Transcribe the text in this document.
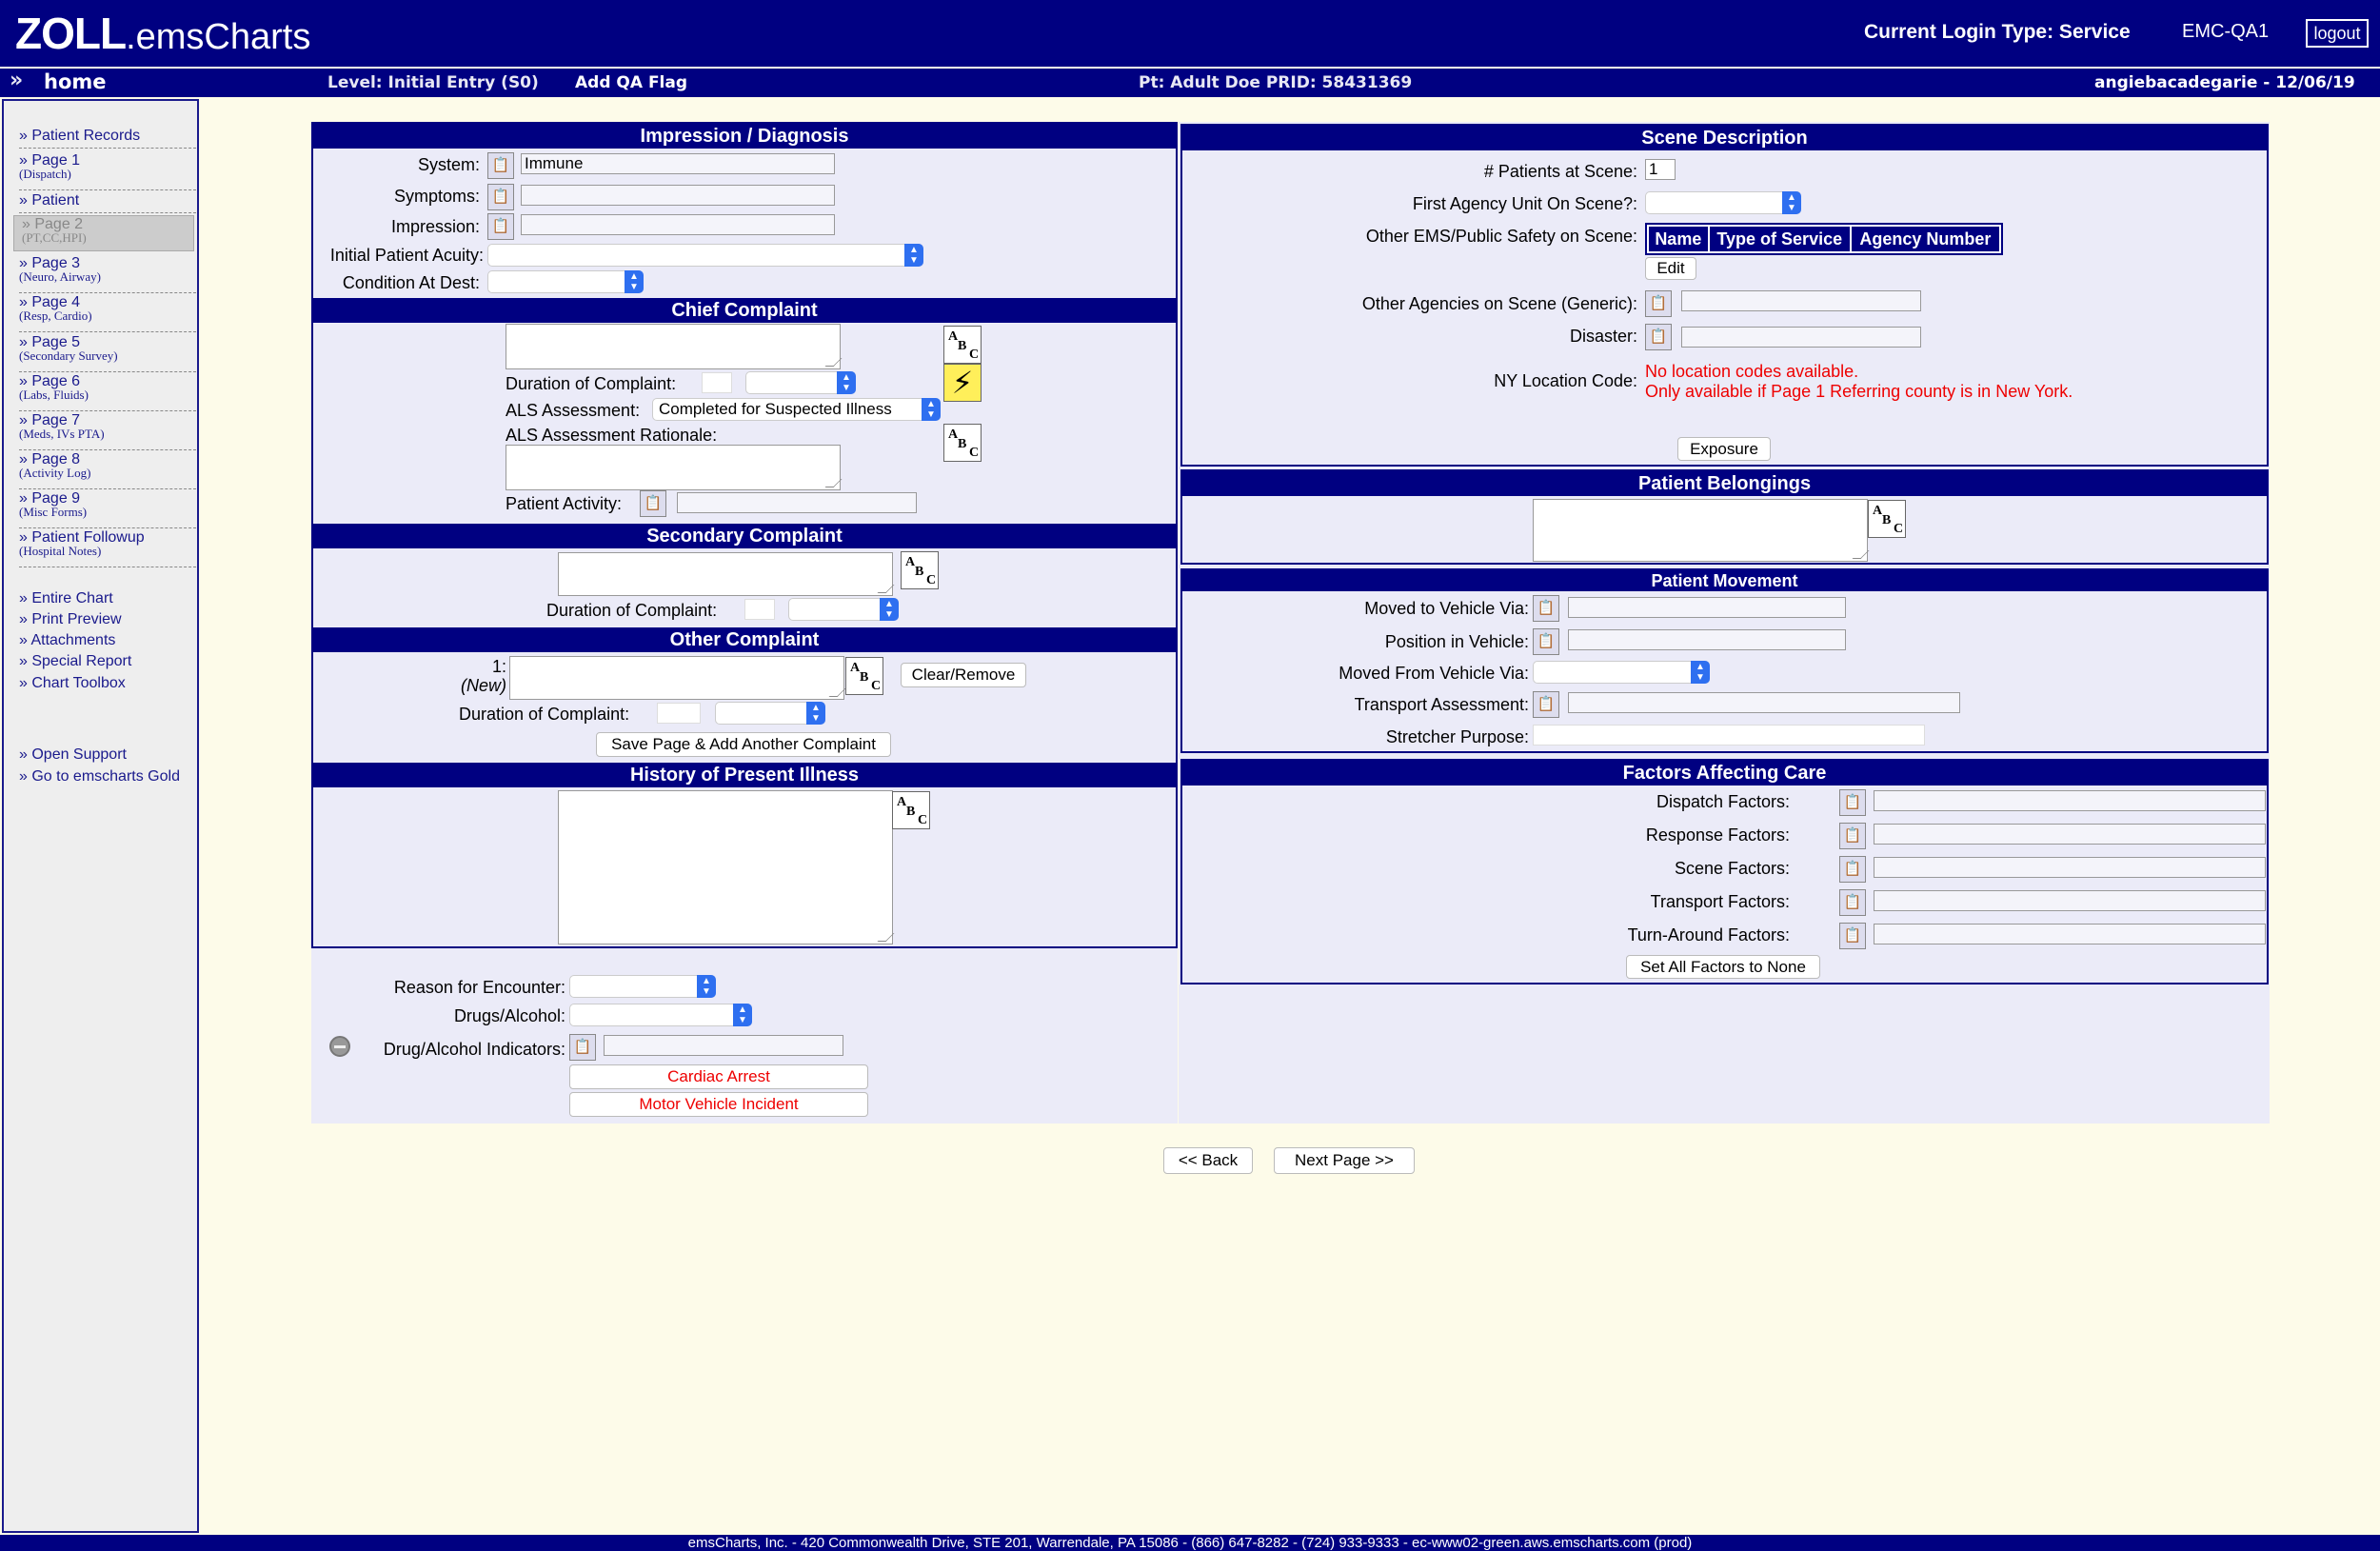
ZOLL.emsCharts	Current Login Type: Service	EMC-QA1	logout
» home	Level: Initial Entry (S0) Add QA Flag	Pt: Adult Doe PRID: 58431369	angiebacadegarie - 12/06/19
» Patient Records
» Page 1
(Dispatch)
» Patient
» Page 2
(PT,CC,HPI)
» Page 3
(Neuro, Airway)
» Page 4
(Resp, Cardio)
» Page 5
(Secondary Survey)
» Page 6
(Labs, Fluids)
» Page 7
(Meds, IVs PTA)
» Page 8
(Activity Log)
» Page 9
(Misc Forms)
» Patient Followup
(Hospital Notes)
» Entire Chart
» Print Preview
» Attachments
» Special Report
» Chart Toolbox
» Open Support
» Go to emscharts Gold
Impression / Diagnosis
System: 📋 Immune
Symptoms: 📋
Impression: 📋
Initial Patient Acuity:	▲
▼
Condition At Dest:	▲
▼
Chief Complaint
A
B
C
⚡
Duration of Complaint:	▲
▼
ALS Assessment:	Completed for Suspected Illness	▲
▼
ALS Assessment Rationale:	A
B
C
Patient Activity:	📋
Secondary Complaint
A
B
C
Duration of Complaint:	▲
▼
Other Complaint
1:
(New)
A
B
C
Clear/Remove
Duration of Complaint:	▲
▼
Save Page & Add Another Complaint
History of Present Illness
A
B
C
Reason for Encounter:	▲
▼
Drugs/Alcohol:	▲
▼
Drug/Alcohol Indicators: 📋
Cardiac Arrest
Motor Vehicle Incident
Scene Description
# Patients at Scene: 1
First Agency Unit On Scene?:	▲
▼
Other EMS/Public Safety on Scene:	Name Type of Service	Agency Number
Edit
Other Agencies on Scene (Generic): 📋
Disaster: 📋
NY Location Code: No location codes available.
Only available if Page 1 Referring county is in New York.
Exposure
Patient Belongings
A
B
C
Patient Movement
Moved to Vehicle Via: 📋
Position in Vehicle: 📋
Moved From Vehicle Via:	▲
▼
Transport Assessment: 📋
Stretcher Purpose:
Factors Affecting Care
Dispatch Factors:	📋
Response Factors:	📋
Scene Factors:	📋
Transport Factors:	📋
Turn-Around Factors:	📋
Set All Factors to None
<< Back	Next Page >>
emsCharts, Inc. - 420 Commonwealth Drive, STE 201, Warrendale, PA 15086 - (866) 647-8282 - (724) 933-9333 - ec-www02-green.aws.emscharts.com (prod)
